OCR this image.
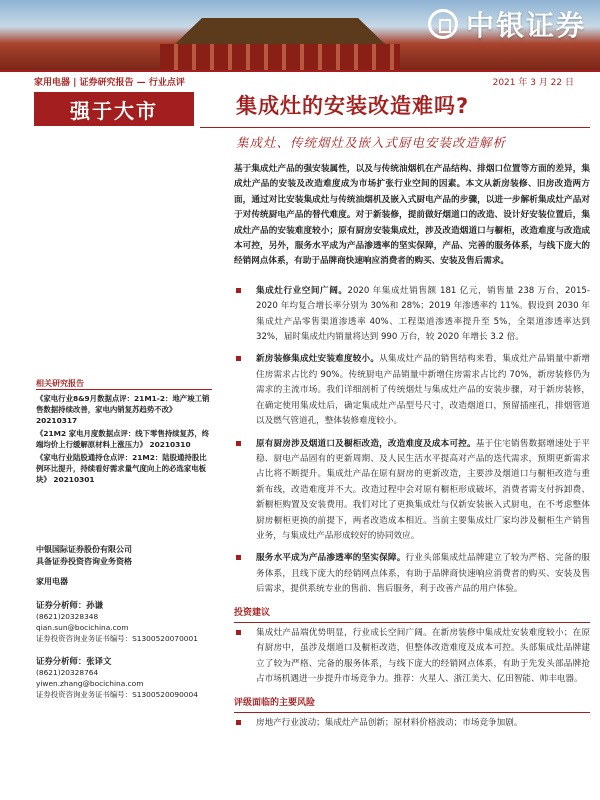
中银证券
家用电器 | 证券研究报告 — 行业点评	2021 年 3 月 22 日
强于大市	集成灶的安装改造难吗?
集成灶、传统烟灶及嵌入式厨电安装改造解析

基于集成灶产品的强安装属性，以及与传统油烟机在产品结构、排烟口位置等方面的差异，集成灶产品的安装及改造难度成为市场扩张行业空间的因素。本文从新房装修、旧房改造两方面，通过对比安装集成灶与传统油烟机及嵌入式厨电产品的步骤，以进一步解析集成灶产品对于对传统厨电产品的替代难度。对于新装修，提前做好烟道口的改造、设计好安装位置后，集成灶产品的安装难度较小；原有厨房安装集成灶，涉及改造烟道口与橱柜，改造难度与改造成本可控，另外，服务水平成为产品渗透率的坚实保障，产品、完善的服务体系，与线下庞大的经销网点体系，有助于品牌商快速响应消费者的购买、安装及售后需求。

集成灶行业空间广阔。2020 年集成灶销售额 181 亿元，销售量 238 万台，2015-2020 年均复合增长率分别为 30%和 28%；2019 年渗透率约 11%。假设到 2030 年集成灶产品零售渠道渗透率 40%、工程渠道渗透率提升至 5%，全渠道渗透率达到 32%，届时集成灶内销量将达到 990 万台，较 2020 年增长 3.2 倍。
新房装修集成灶安装难度较小。从集成灶产品的销售结构来看，集成灶产品销量中新增住房需求占比约 90%。传统厨电产品销量中新增住房需求占比约 70%，新房装修仍为需求的主流市场。我们详细剖析了传统烟灶与集成灶产品的安装步骤，对于新房装修，在确定使用集成灶后，确定集成灶产品型号尺寸，改造烟道口，预留插座孔，排烟管道以及燃气管道孔，整体装修难度较小。
原有厨房涉及烟道口及橱柜改造，改造难度及成本可控。基于住宅销售数据增速处于平稳、厨电产品固有的更新周期、及人民生活水平提高对产品的迭代需求，预期更新需求占比将不断提升。集成灶产品在原有厨房的更新改造，主要涉及烟道口与橱柜改造与重新布线，改造难度并不大。改造过程中会对原有橱柜形成破坏，消费者需支付拆卸费、新橱柜购置及安装费用。我们对比了更换集成灶与仅新安装嵌入式厨电，在不考虑整体厨房橱柜更换的前提下，两者改造成本相近。当前主要集成灶厂家均涉及橱柜生产销售业务，与集成灶产品形成较好的协同效应。
服务水平成为产品渗透率的坚实保障。行业头部集成灶品牌建立了较为严格、完备的服务体系，且线下庞大的经销网点体系，有助于品牌商快速响应消费者的购买、安装及售后需求，提供系统专业的售前、售后服务，利于改善产品的用户体验。
投资建议
集成灶产品端优势明显，行业成长空间广阔。在新房装修中集成灶安装难度较小；在原有厨房中，虽涉及烟道口及橱柜改造，但整体改造难度及成本可控。头部集成灶品牌建立了较为严格、完备的服务体系，与线下庞大的经销网点体系，有助于先发头部品牌抢占市场机遇进一步提升市场竞争力。推荐：火星人、浙江美大、亿田智能、帅丰电器。
评级面临的主要风险
房地产行业波动；集成灶产品创新；原材料价格波动；市场竞争加剧。
相关研究报告
《家电行业8&9月数据点评：21M1-2：地产竣工销售数据持续改善，家电内销复苏趋势不改》 20210317
《21M2 家电月度数据点评：线下零售持续复苏，终端均价上行缓解原材料上涨压力》 20210310
《家电行业陆股通持仓点评：21M2：陆股通持股比例环比提升，持续看好需求量气度向上的必选家电板块》 20210301
中银国际证券股份有限公司
具备证券投资咨询业务资格
家用电器
证券分析师：孙谦
(8621)20328348
qian.sun@bocichina.com
证券投资咨询业务证书编号：S1300520070001
证券分析师：张译文
(8621)20328764
yiwen.zhang@bocichina.com
证券投资咨询业务证书编号：S1300520090004
